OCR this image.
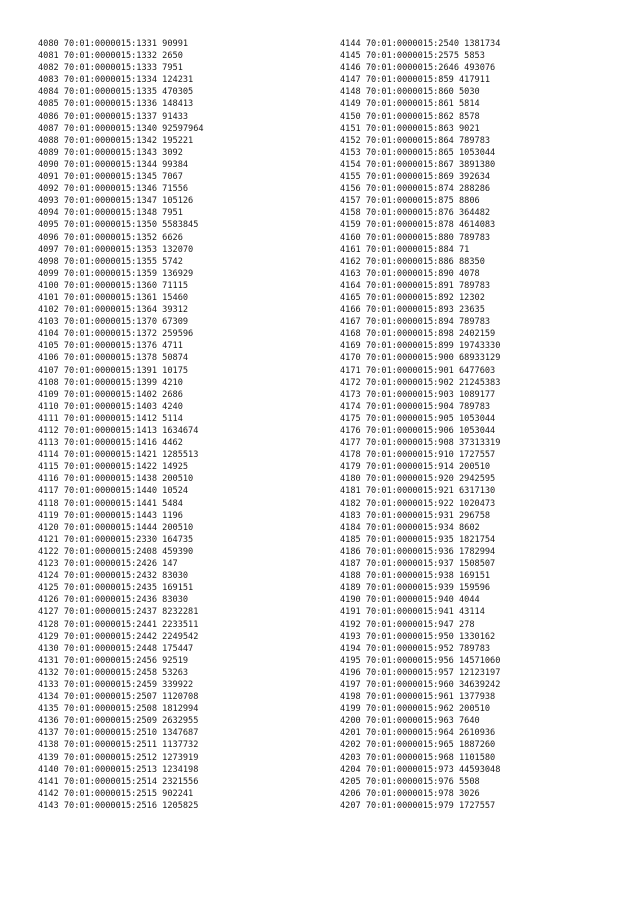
4080 70:01:0000015:1331 90991
4081 70:01:0000015:1332 2650
4082 70:01:0000015:1333 7951
4083 70:01:0000015:1334 124231
4084 70:01:0000015:1335 470305
4085 70:01:0000015:1336 148413
4086 70:01:0000015:1337 91433
4087 70:01:0000015:1340 92597964
4088 70:01:0000015:1342 195221
4089 70:01:0000015:1343 3092
4090 70:01:0000015:1344 99384
4091 70:01:0000015:1345 7067
4092 70:01:0000015:1346 71556
4093 70:01:0000015:1347 105126
4094 70:01:0000015:1348 7951
4095 70:01:0000015:1350 5583845
4096 70:01:0000015:1352 6626
4097 70:01:0000015:1353 132070
4098 70:01:0000015:1355 5742
4099 70:01:0000015:1359 136929
4100 70:01:0000015:1360 71115
4101 70:01:0000015:1361 15460
4102 70:01:0000015:1364 39312
4103 70:01:0000015:1370 67309
4104 70:01:0000015:1372 259596
4105 70:01:0000015:1376 4711
4106 70:01:0000015:1378 50874
4107 70:01:0000015:1391 10175
4108 70:01:0000015:1399 4210
4109 70:01:0000015:1402 2686
4110 70:01:0000015:1403 4240
4111 70:01:0000015:1412 5114
4112 70:01:0000015:1413 1634674
4113 70:01:0000015:1416 4462
4114 70:01:0000015:1421 1285513
4115 70:01:0000015:1422 14925
4116 70:01:0000015:1438 200510
4117 70:01:0000015:1440 10524
4118 70:01:0000015:1441 5484
4119 70:01:0000015:1443 1196
4120 70:01:0000015:1444 200510
4121 70:01:0000015:2330 164735
4122 70:01:0000015:2408 459390
4123 70:01:0000015:2426 147
4124 70:01:0000015:2432 83030
4125 70:01:0000015:2435 169151
4126 70:01:0000015:2436 83030
4127 70:01:0000015:2437 8232281
4128 70:01:0000015:2441 2233511
4129 70:01:0000015:2442 2249542
4130 70:01:0000015:2448 175447
4131 70:01:0000015:2456 92519
4132 70:01:0000015:2458 53263
4133 70:01:0000015:2459 339922
4134 70:01:0000015:2507 1120708
4135 70:01:0000015:2508 1812994
4136 70:01:0000015:2509 2632955
4137 70:01:0000015:2510 1347687
4138 70:01:0000015:2511 1137732
4139 70:01:0000015:2512 1273919
4140 70:01:0000015:2513 1234198
4141 70:01:0000015:2514 2321556
4142 70:01:0000015:2515 902241
4143 70:01:0000015:2516 1205825
4144 70:01:0000015:2540 1381734
4145 70:01:0000015:2575 5853
4146 70:01:0000015:2646 493076
4147 70:01:0000015:859 417911
4148 70:01:0000015:860 5030
4149 70:01:0000015:861 5814
4150 70:01:0000015:862 8578
4151 70:01:0000015:863 9021
4152 70:01:0000015:864 789783
4153 70:01:0000015:865 1053044
4154 70:01:0000015:867 3891380
4155 70:01:0000015:869 392634
4156 70:01:0000015:874 288286
4157 70:01:0000015:875 8806
4158 70:01:0000015:876 364482
4159 70:01:0000015:878 4614083
4160 70:01:0000015:880 789783
4161 70:01:0000015:884 71
4162 70:01:0000015:886 88350
4163 70:01:0000015:890 4078
4164 70:01:0000015:891 789783
4165 70:01:0000015:892 12302
4166 70:01:0000015:893 23635
4167 70:01:0000015:894 789783
4168 70:01:0000015:898 2402159
4169 70:01:0000015:899 19743330
4170 70:01:0000015:900 68933129
4171 70:01:0000015:901 6477603
4172 70:01:0000015:902 21245383
4173 70:01:0000015:903 1089177
4174 70:01:0000015:904 789783
4175 70:01:0000015:905 1053044
4176 70:01:0000015:906 1053044
4177 70:01:0000015:908 37313319
4178 70:01:0000015:910 1727557
4179 70:01:0000015:914 200510
4180 70:01:0000015:920 2942595
4181 70:01:0000015:921 6317130
4182 70:01:0000015:922 1020473
4183 70:01:0000015:931 296758
4184 70:01:0000015:934 8602
4185 70:01:0000015:935 1821754
4186 70:01:0000015:936 1782994
4187 70:01:0000015:937 1508507
4188 70:01:0000015:938 169151
4189 70:01:0000015:939 159596
4190 70:01:0000015:940 4044
4191 70:01:0000015:941 43114
4192 70:01:0000015:947 278
4193 70:01:0000015:950 1330162
4194 70:01:0000015:952 789783
4195 70:01:0000015:956 14571060
4196 70:01:0000015:957 12123197
4197 70:01:0000015:960 34639242
4198 70:01:0000015:961 1377938
4199 70:01:0000015:962 200510
4200 70:01:0000015:963 7640
4201 70:01:0000015:964 2610936
4202 70:01:0000015:965 1887260
4203 70:01:0000015:968 1101580
4204 70:01:0000015:973 44593048
4205 70:01:0000015:976 5508
4206 70:01:0000015:978 3026
4207 70:01:0000015:979 1727557
